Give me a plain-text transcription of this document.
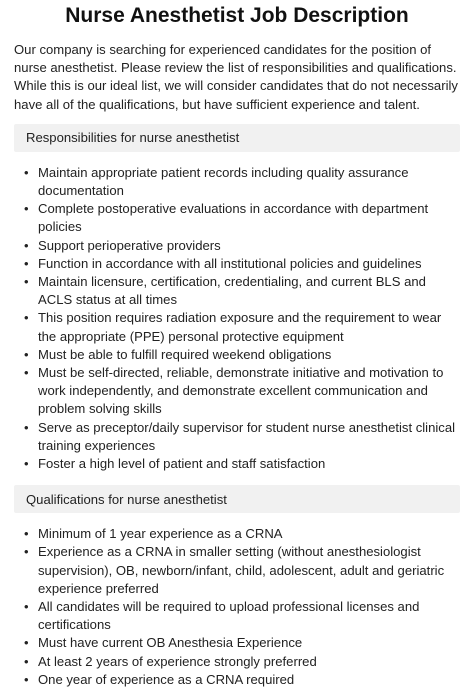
Nurse Anesthetist Job Description

Our company is searching for experienced candidates for the position of nurse anesthetist. Please review the list of responsibilities and qualifications. While this is our ideal list, we will consider candidates that do not necessarily have all of the qualifications, but have sufficient experience and talent.

Responsibilities for nurse anesthetist
• Maintain appropriate patient records including quality assurance documentation
• Complete postoperative evaluations in accordance with department policies
• Support perioperative providers
• Function in accordance with all institutional policies and guidelines
• Maintain licensure, certification, credentialing, and current BLS and ACLS status at all times
• This position requires radiation exposure and the requirement to wear the appropriate (PPE) personal protective equipment
• Must be able to fulfill required weekend obligations
• Must be self-directed, reliable, demonstrate initiative and motivation to work independently, and demonstrate excellent communication and problem solving skills
• Serve as preceptor/daily supervisor for student nurse anesthetist clinical training experiences
• Foster a high level of patient and staff satisfaction
Qualifications for nurse anesthetist
• Minimum of 1 year experience as a CRNA
• Experience as a CRNA in smaller setting (without anesthesiologist supervision), OB, newborn/infant, child, adolescent, adult and geriatric experience preferred
• All candidates will be required to upload professional licenses and certifications
• Must have current OB Anesthesia Experience
• At least 2 years of experience strongly preferred
• One year of experience as a CRNA required
